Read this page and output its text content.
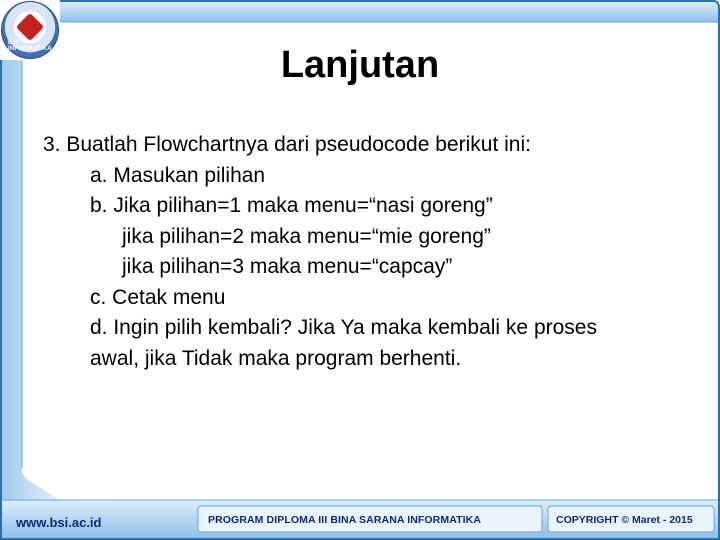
BSI INFORMATIKA	Lanjutan
3. Buatlah Flowchartnya dari pseudocode berikut ini:
a. Masukan pilihan
b. Jika pilihan=1 maka menu=“nasi goreng”
jika pilihan=2 maka menu=“mie goreng”
jika pilihan=3 maka menu=“capcay”
c. Cetak menu
d. Ingin pilih kembali? Jika Ya maka kembali ke proses
awal, jika Tidak maka program berhenti.
www.bsi.ac.id	PROGRAM DIPLOMA III BINA SARANA INFORMATIKA	COPYRIGHT © Maret - 2015
